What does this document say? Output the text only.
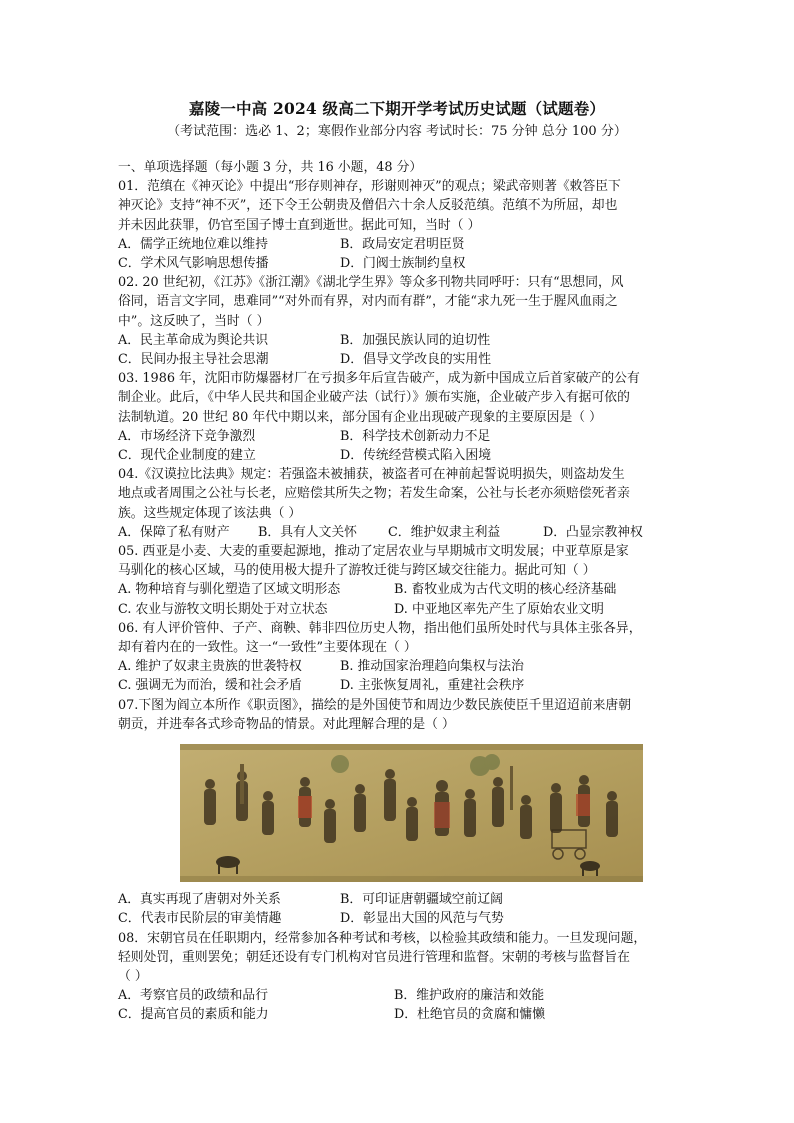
嘉陵一中高 2024 级高二下期开学考试历史试题（试题卷）
（考试范围：选必 1、2；寒假作业部分内容 考试时长：75 分钟 总分 100 分）
一、单项选择题（每小题 3 分，共 16 小题，48 分）
01．范缜在《神灭论》中提出“形存则神存，形谢则神灭”的观点；梁武帝则著《敕答臣下
神灭论》支持“神不灭”，还下令王公朝贵及僧侣六十余人反驳范缜。范缜不为所屈，却也
并未因此获罪，仍官至国子博士直到逝世。据此可知，当时（ ）
A．儒学正统地位难以维持	B．政局安定君明臣贤
C．学术风气影响思想传播	D．门阀士族制约皇权
02. 20 世纪初，《江苏》《浙江潮》《湖北学生界》等众多刊物共同呼吁：只有“思想同，风
俗同，语言文字同，患难同”“对外而有界，对内而有群”，才能“求九死一生于腥风血雨之
中”。这反映了，当时（ ）
A．民主革命成为舆论共识	B．加强民族认同的迫切性
C．民间办报主导社会思潮	D．倡导文学改良的实用性
03. 1986 年，沈阳市防爆器材厂在亏损多年后宣告破产，成为新中国成立后首家破产的公有
制企业。此后，《中华人民共和国企业破产法（试行）》颁布实施，企业破产步入有据可依的
法制轨道。20 世纪 80 年代中期以来，部分国有企业出现破产现象的主要原因是（ ）
A．市场经济下竞争激烈	B．科学技术创新动力不足
C．现代企业制度的建立	D．传统经营模式陷入困境
04.《汉谟拉比法典》规定：若强盗未被捕获，被盗者可在神前起誓说明损失，则盗劫发生
地点或者周围之公社与长老，应赔偿其所失之物；若发生命案，公社与长老亦须赔偿死者亲
族。这些规定体现了该法典（ ）
A．保障了私有财产	B．具有人文关怀	C．维护奴隶主利益	D．凸显宗教神权
05. 西亚是小麦、大麦的重要起源地，推动了定居农业与早期城市文明发展；中亚草原是家
马驯化的核心区域，马的使用极大提升了游牧迁徙与跨区域交往能力。据此可知（ ）
A. 物种培育与驯化塑造了区域文明形态	B. 畜牧业成为古代文明的核心经济基础
C. 农业与游牧文明长期处于对立状态	D. 中亚地区率先产生了原始农业文明
06. 有人评价管仲、子产、商鞅、韩非四位历史人物，指出他们虽所处时代与具体主张各异，
却有着内在的一致性。这一“一致性”主要体现在（ ）
A. 维护了奴隶主贵族的世袭特权	B. 推动国家治理趋向集权与法治
C. 强调无为而治，缓和社会矛盾	D. 主张恢复周礼，重建社会秩序
07.下图为阎立本所作《职贡图》，描绘的是外国使节和周边少数民族使臣千里迢迢前来唐朝
朝贡，并进奉各式珍奇物品的情景。对此理解合理的是（ ）
A．真实再现了唐朝对外关系	B．可印证唐朝疆域空前辽阔
C．代表市民阶层的审美情趣	D．彰显出大国的风范与气势
08．宋朝官员在任职期内，经常参加各种考试和考核，以检验其政绩和能力。一旦发现问题，
轻则处罚，重则罢免；朝廷还设有专门机构对官员进行管理和监督。宋朝的考核与监督旨在
（ ）
A．考察官员的政绩和品行	B．维护政府的廉洁和效能
C．提高官员的素质和能力	D．杜绝官员的贪腐和慵懒
